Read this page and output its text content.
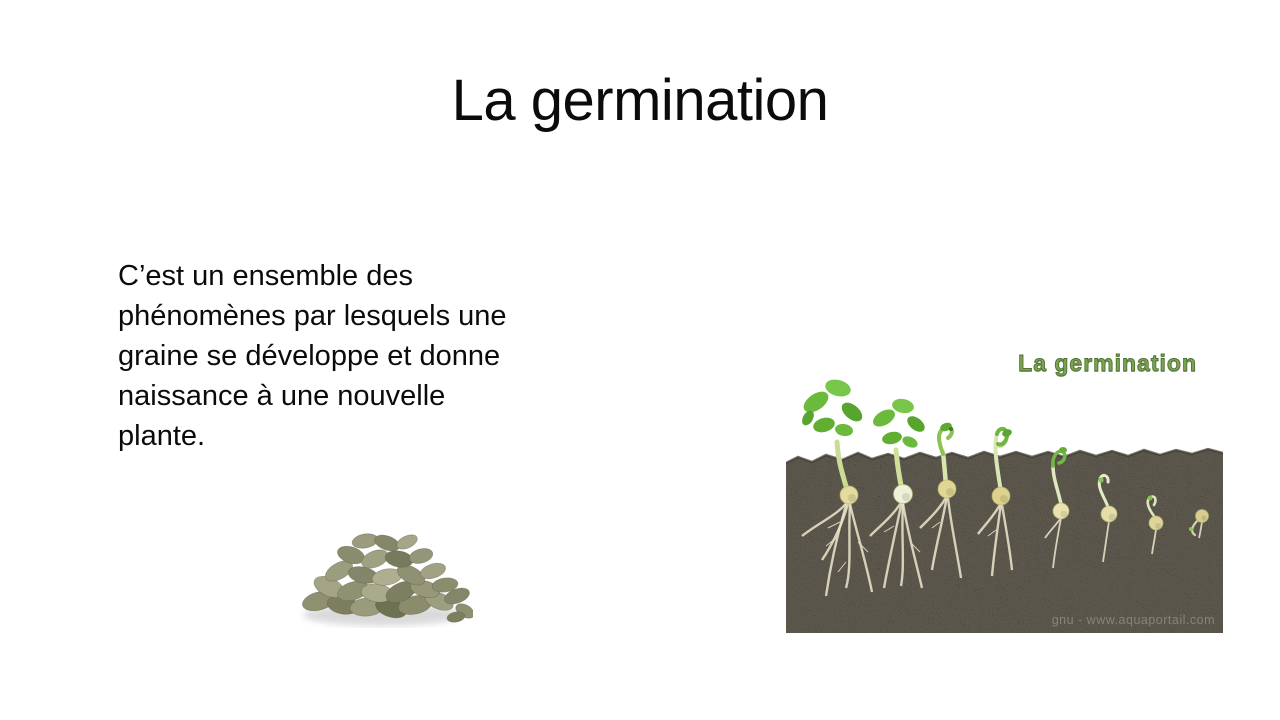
La germination
C’est un ensemble des
phénomènes par lesquels une
graine se développe et donne
naissance à une nouvelle
plante.
La germination
gnu - www.aquaportail.com
